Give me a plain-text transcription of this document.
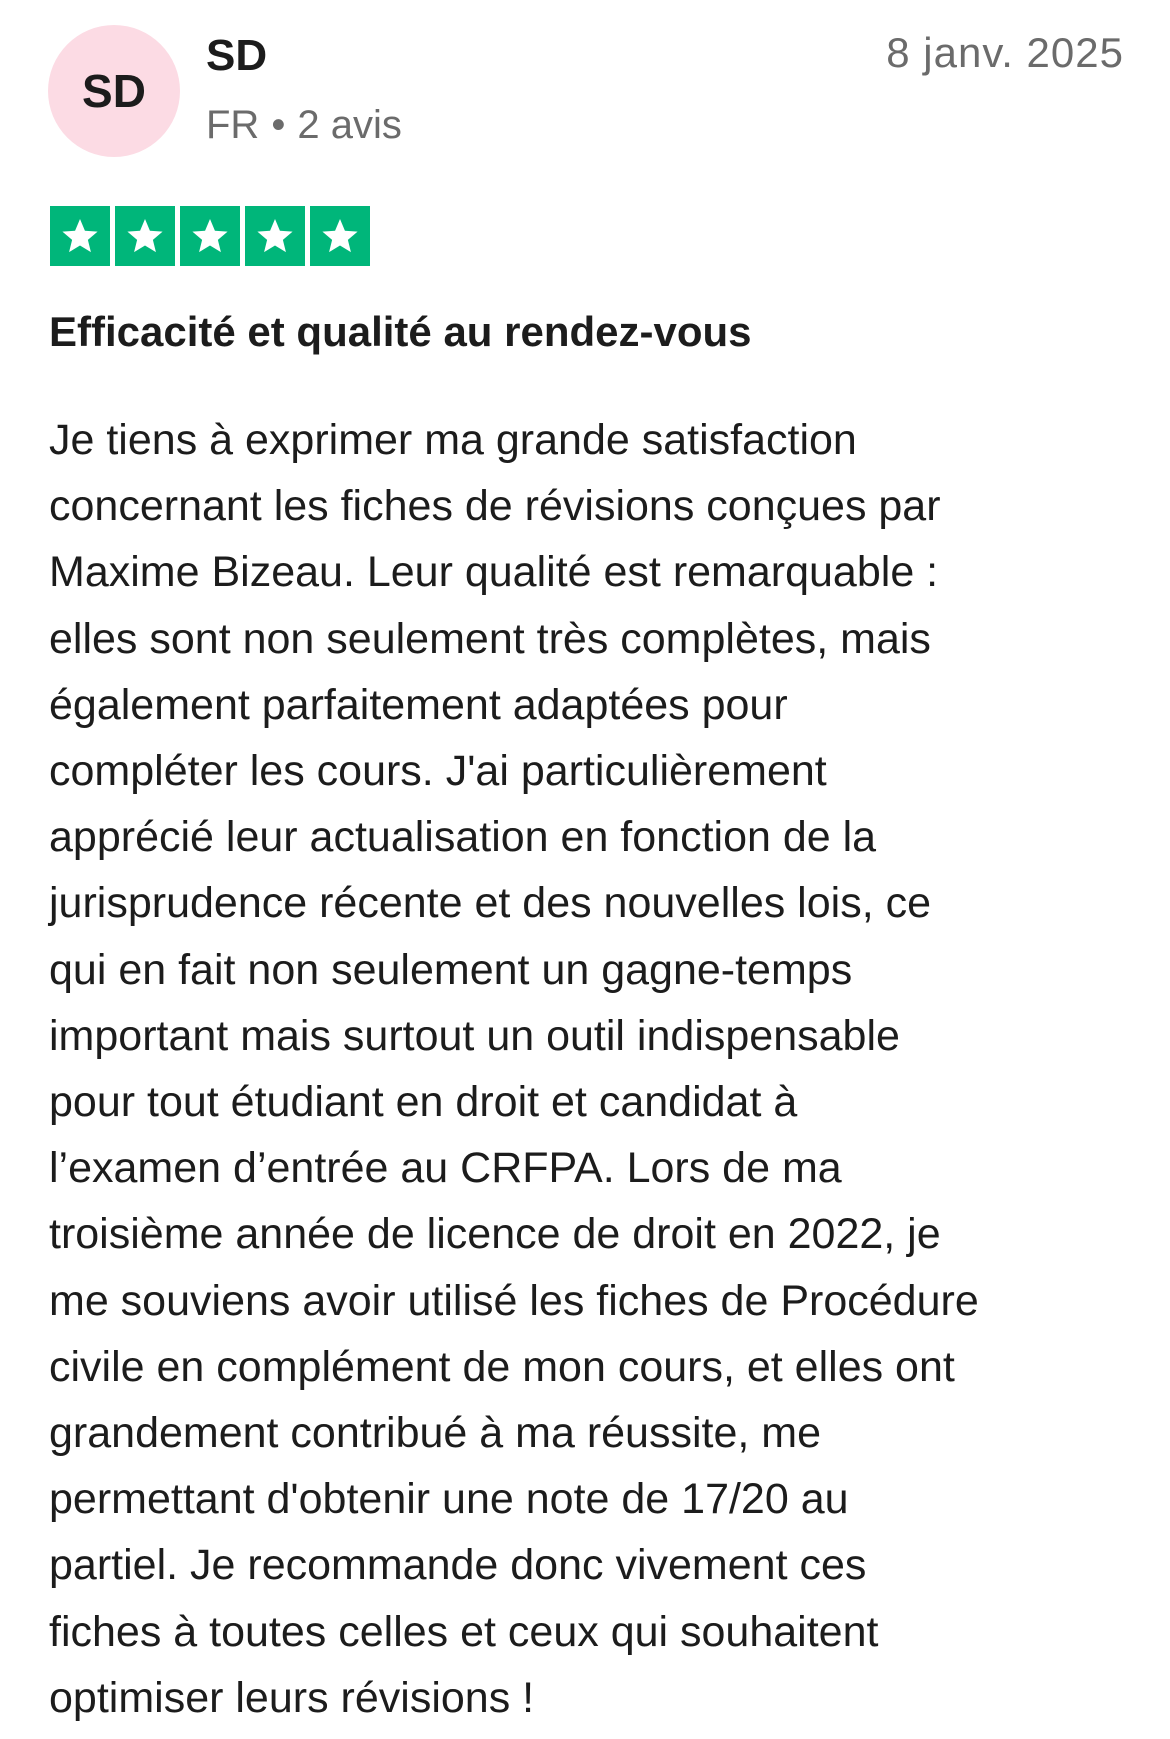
SD
SD
FR • 2 avis
8 janv. 2025
Efficacité et qualité au rendez-vous

Je tiens à exprimer ma grande satisfaction
concernant les fiches de révisions conçues par
Maxime Bizeau. Leur qualité est remarquable :
elles sont non seulement très complètes, mais
également parfaitement adaptées pour
compléter les cours. J'ai particulièrement
apprécié leur actualisation en fonction de la
jurisprudence récente et des nouvelles lois, ce
qui en fait non seulement un gagne-temps
important mais surtout un outil indispensable
pour tout étudiant en droit et candidat à
l’examen d’entrée au CRFPA. Lors de ma
troisième année de licence de droit en 2022, je
me souviens avoir utilisé les fiches de Procédure
civile en complément de mon cours, et elles ont
grandement contribué à ma réussite, me
permettant d'obtenir une note de 17/20 au
partiel. Je recommande donc vivement ces
fiches à toutes celles et ceux qui souhaitent
optimiser leurs révisions !
